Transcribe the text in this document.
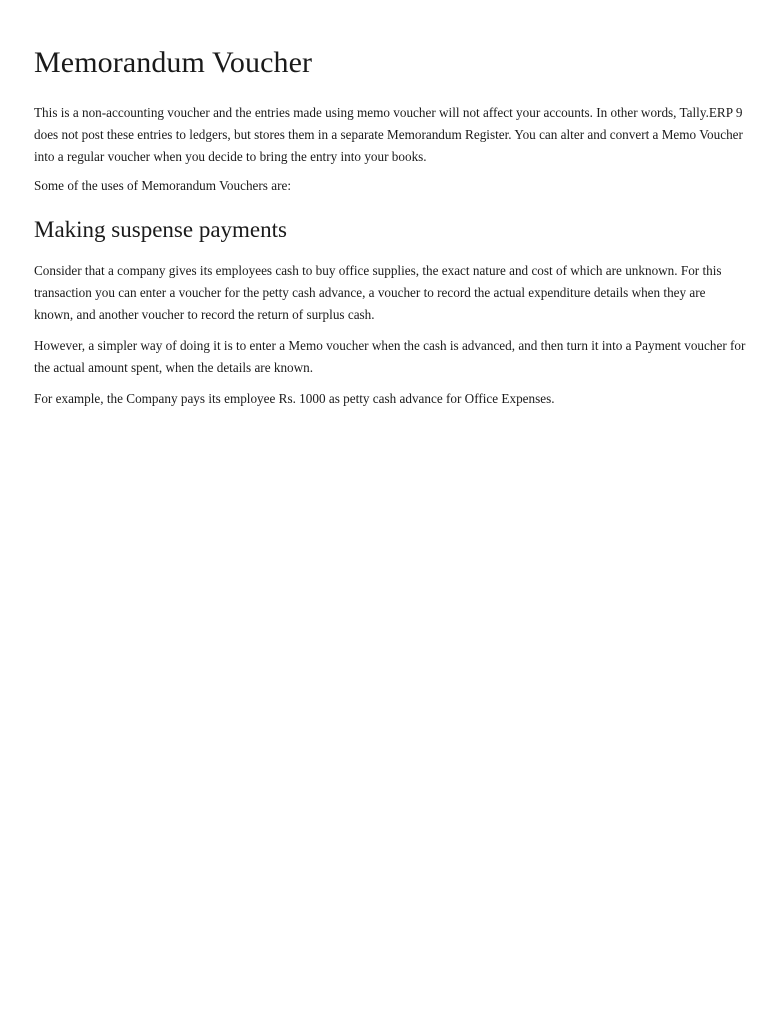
Memorandum Voucher

This is a non-accounting voucher and the entries made using memo voucher will not affect your accounts. In other words, Tally.ERP 9 does not post these entries to ledgers, but stores them in a separate Memorandum Register. You can alter and convert a Memo Voucher into a regular voucher when you decide to bring the entry into your books.

Some of the uses of Memorandum Vouchers are:

Making suspense payments

Consider that a company gives its employees cash to buy office supplies, the exact nature and cost of which are unknown. For this transaction you can enter a voucher for the petty cash advance, a voucher to record the actual expenditure details when they are known, and another voucher to record the return of surplus cash.

However, a simpler way of doing it is to enter a Memo voucher when the cash is advanced, and then turn it into a Payment voucher for the actual amount spent, when the details are known.

For example, the Company pays its employee Rs. 1000 as petty cash advance for Office Expenses.
